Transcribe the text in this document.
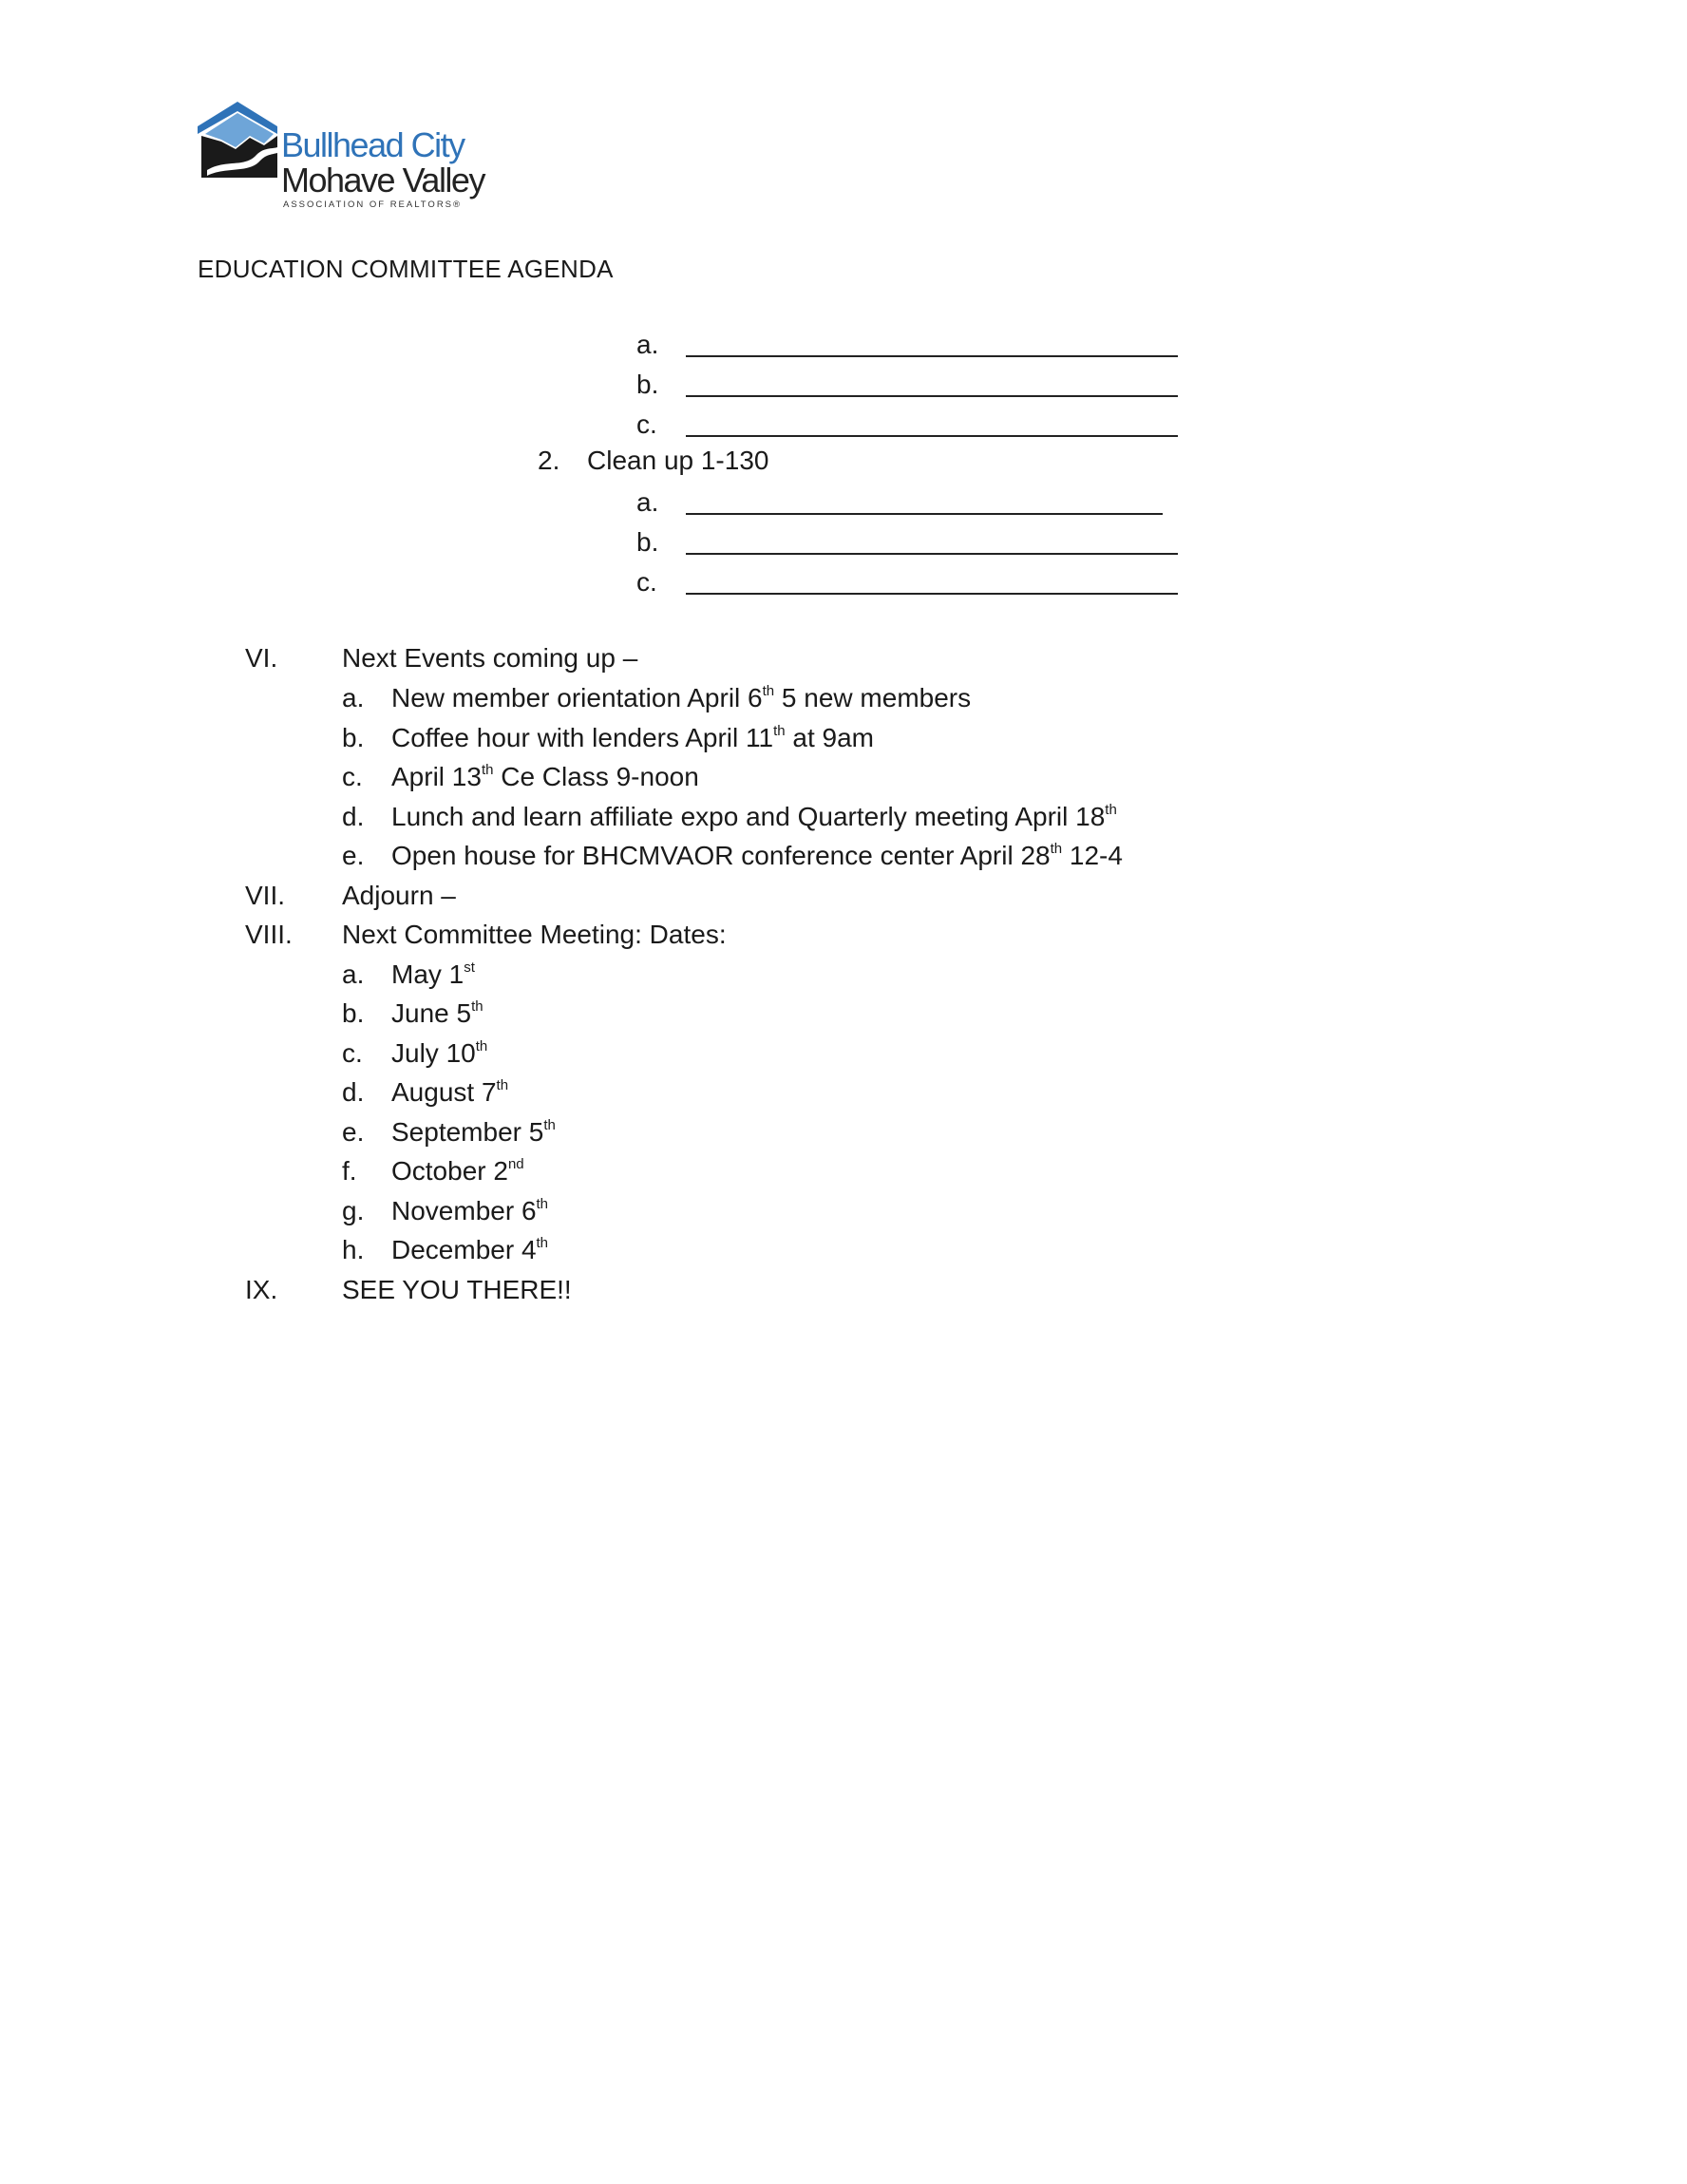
Bullhead City
Mohave Valley
ASSOCIATION OF REALTORS®
EDUCATION COMMITTEE AGENDA
a.
b.
c.
2. Clean up 1-130
a.
b.
c.
VI. Next Events coming up –
a. New member orientation April 6th 5 new members
b. Coffee hour with lenders April 11th at 9am
c. April 13th Ce Class 9-noon
d. Lunch and learn affiliate expo and Quarterly meeting April 18th
e. Open house for BHCMVAOR conference center April 28th 12-4
VII. Adjourn –
VIII. Next Committee Meeting: Dates:
a. May 1st
b. June 5th
c. July 10th
d. August 7th
e. September 5th
f. October 2nd
g. November 6th
h. December 4th
IX. SEE YOU THERE!!
